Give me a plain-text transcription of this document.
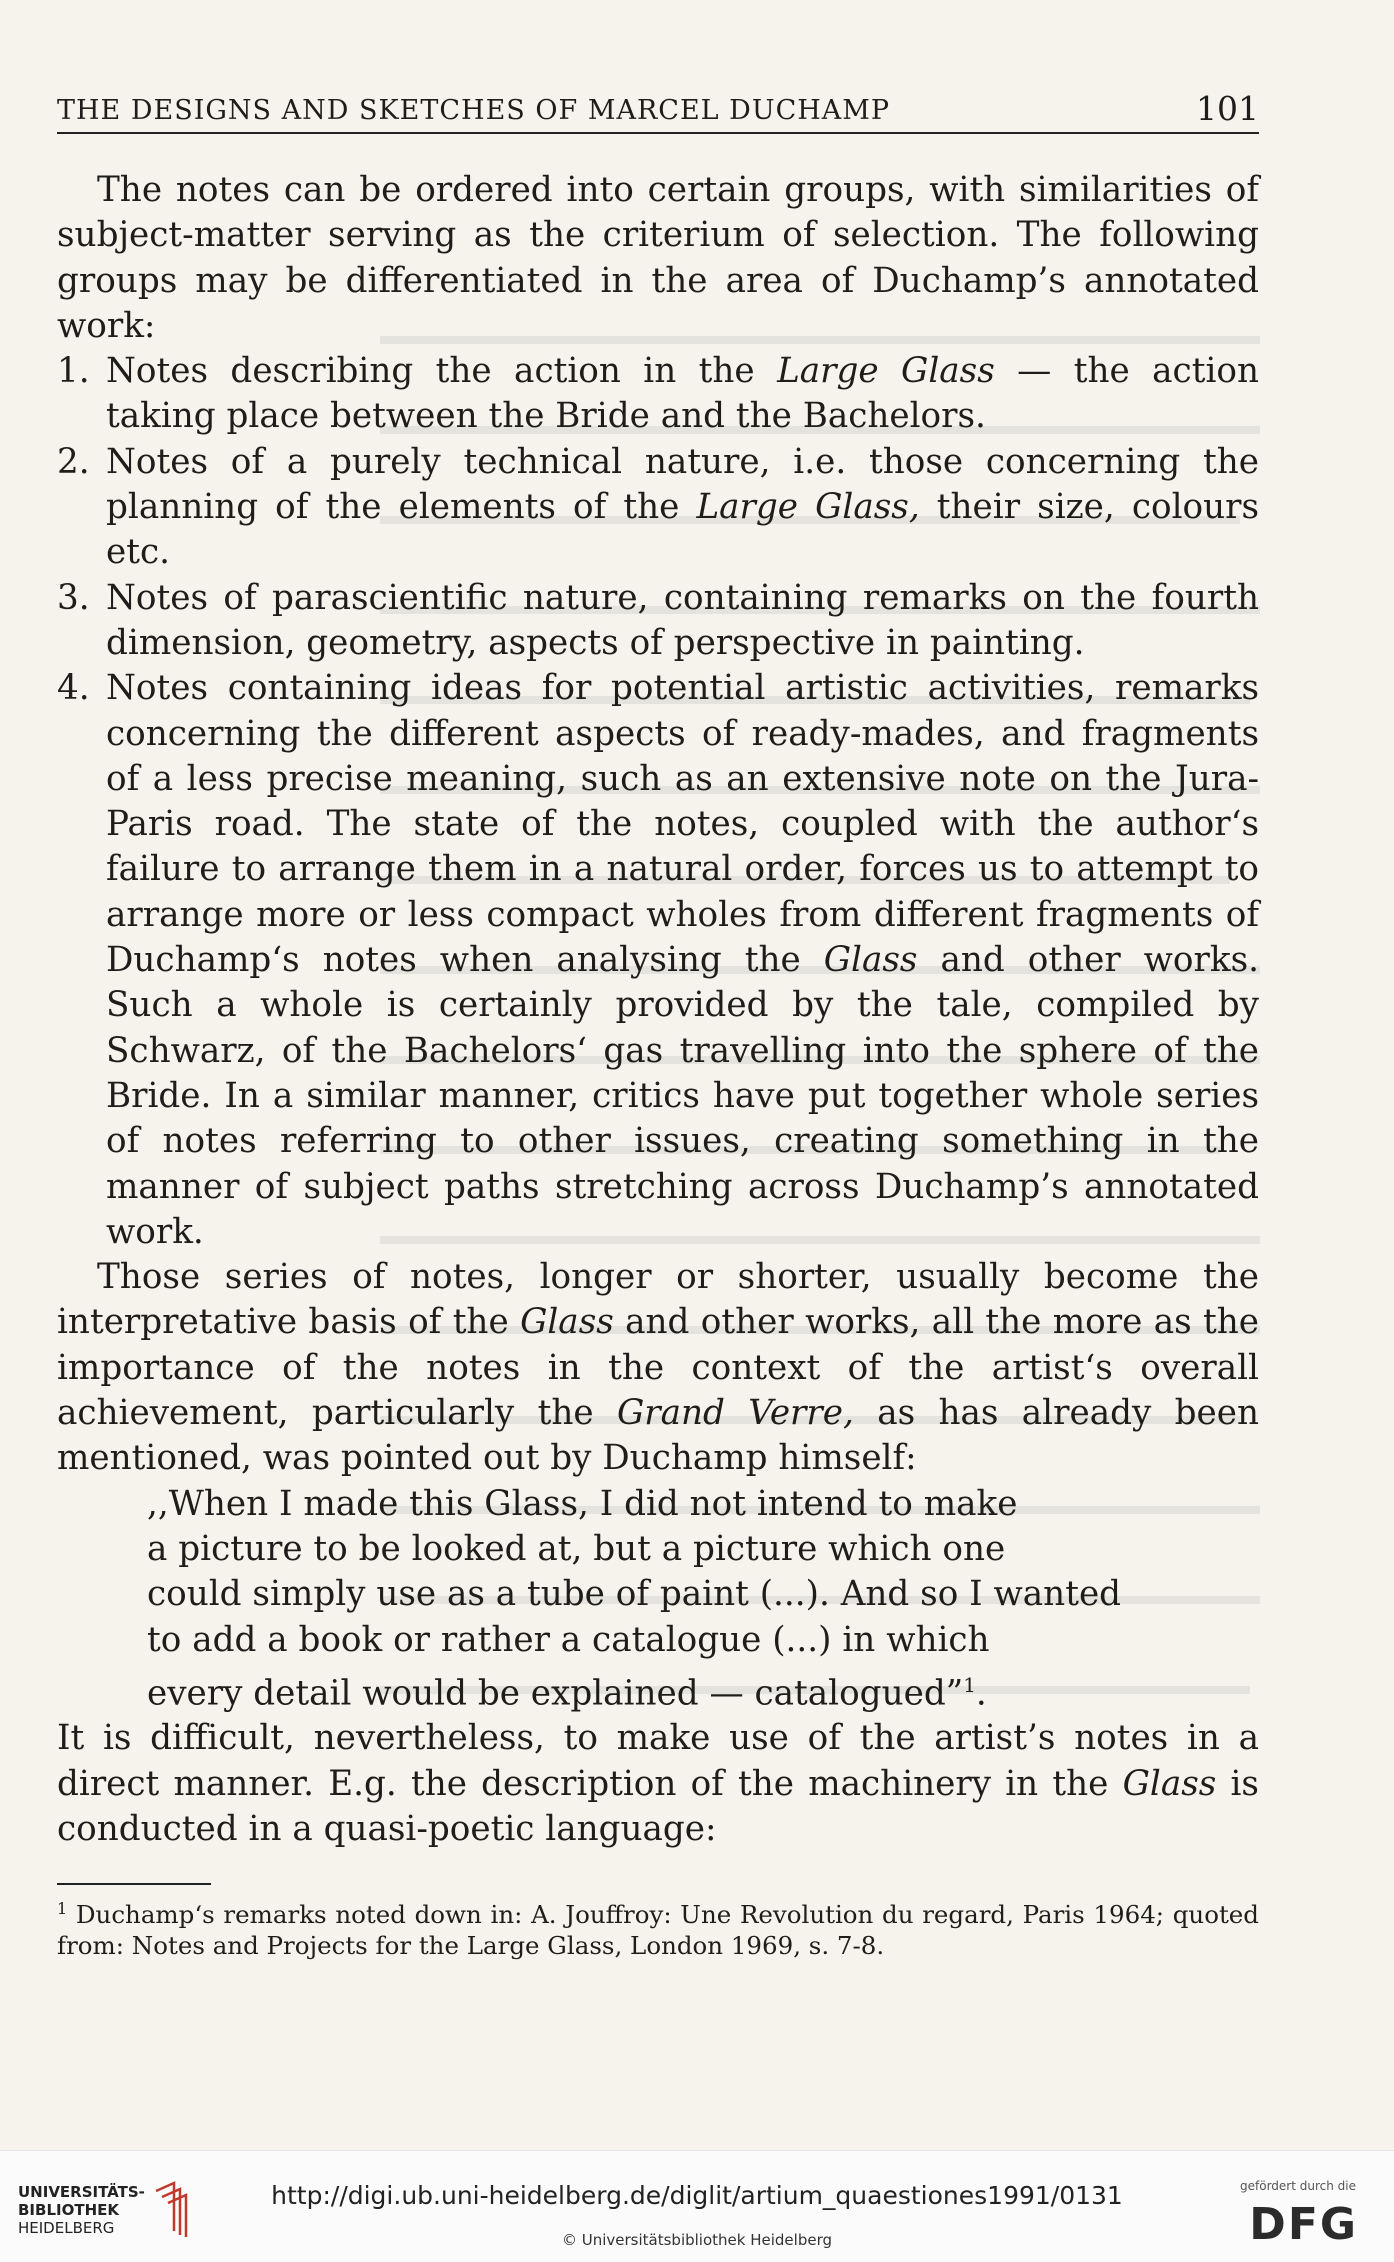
THE DESIGNS AND SKETCHES OF MARCEL DUCHAMP	101

The notes can be ordered into certain groups, with similarities of subject-matter serving as the criterium of selection. The following groups may be differentiated in the area of Duchamp’s annotated work:

1. Notes describing the action in the Large Glass — the action taking place between the Bride and the Bachelors.
2. Notes of a purely technical nature, i.e. those concerning the planning of the elements of the Large Glass, their size, colours etc.
3. Notes of parascientific nature, containing remarks on the fourth dimension, geometry, aspects of perspective in painting.
4. Notes containing ideas for potential artistic activities, remarks concerning the different aspects of ready-mades, and fragments of a less precise meaning, such as an extensive note on the Jura-Paris road. The state of the notes, coupled with the author‘s failure to arrange them in a natural order, forces us to attempt to arrange more or less compact wholes from different fragments of Duchamp‘s notes when analysing the Glass and other works. Such a whole is certainly provided by the tale, compiled by Schwarz, of the Bachelors‘ gas travelling into the sphere of the Bride. In a similar manner, critics have put together whole series of notes referring to other issues, creating something in the manner of subject paths stretching across Duchamp’s annotated work.

Those series of notes, longer or shorter, usually become the interpretative basis of the Glass and other works, all the more as the importance of the notes in the context of the artist‘s overall achievement, particularly the Grand Verre, as has already been mentioned, was pointed out by Duchamp himself:

,,When I made this Glass, I did not intend to make
a picture to be looked at, but a picture which one
could simply use as a tube of paint (...). And so I wanted
to add a book or rather a catalogue (...) in which
every detail would be explained — catalogued”$^1$.

It is difficult, nevertheless, to make use of the artist’s notes in a direct manner. E.g. the description of the machinery in the Glass is conducted in a quasi-poetic language:

$^1$ Duchamp‘s remarks noted down in: A. Jouffroy: Une Revolution du regard, Paris 1964; quoted from: Notes and Projects for the Large Glass, London 1969, s. 7-8.
UNIVERSITÄTS-
BIBLIOTHEK
HEIDELBERG
http://digi.ub.uni-heidelberg.de/diglit/artium_quaestiones1991/0131
© Universitätsbibliothek Heidelberg
gefördert durch die
DFG
